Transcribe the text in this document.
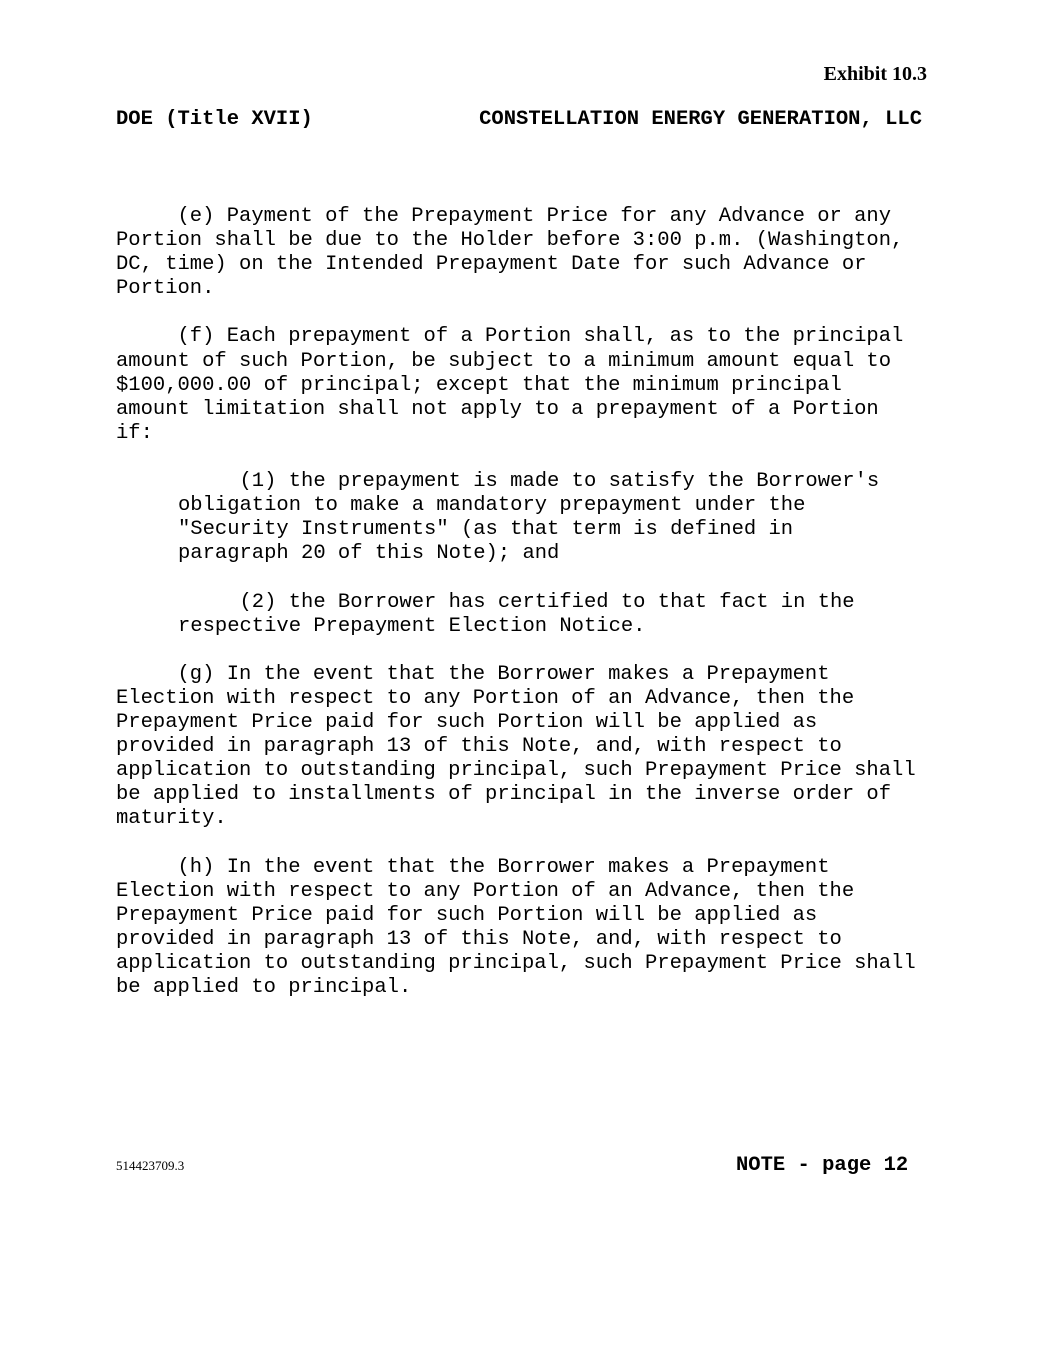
Exhibit 10.3
DOE (Title XVII)	CONSTELLATION ENERGY GENERATION, LLC
(e) Payment of the Prepayment Price for any Advance or any
Portion shall be due to the Holder before 3:00 p.m. (Washington,
DC, time) on the Intended Prepayment Date for such Advance or
Portion.
(f) Each prepayment of a Portion shall, as to the principal
amount of such Portion, be subject to a minimum amount equal to
$100,000.00 of principal; except that the minimum principal
amount limitation shall not apply to a prepayment of a Portion
if:
(1) the prepayment is made to satisfy the Borrower's
obligation to make a mandatory prepayment under the
"Security Instruments" (as that term is defined in
paragraph 20 of this Note); and
(2) the Borrower has certified to that fact in the
respective Prepayment Election Notice.
(g) In the event that the Borrower makes a Prepayment
Election with respect to any Portion of an Advance, then the
Prepayment Price paid for such Portion will be applied as
provided in paragraph 13 of this Note, and, with respect to
application to outstanding principal, such Prepayment Price shall
be applied to installments of principal in the inverse order of
maturity.
(h) In the event that the Borrower makes a Prepayment
Election with respect to any Portion of an Advance, then the
Prepayment Price paid for such Portion will be applied as
provided in paragraph 13 of this Note, and, with respect to
application to outstanding principal, such Prepayment Price shall
be applied to principal.
514423709.3	NOTE - page 12
